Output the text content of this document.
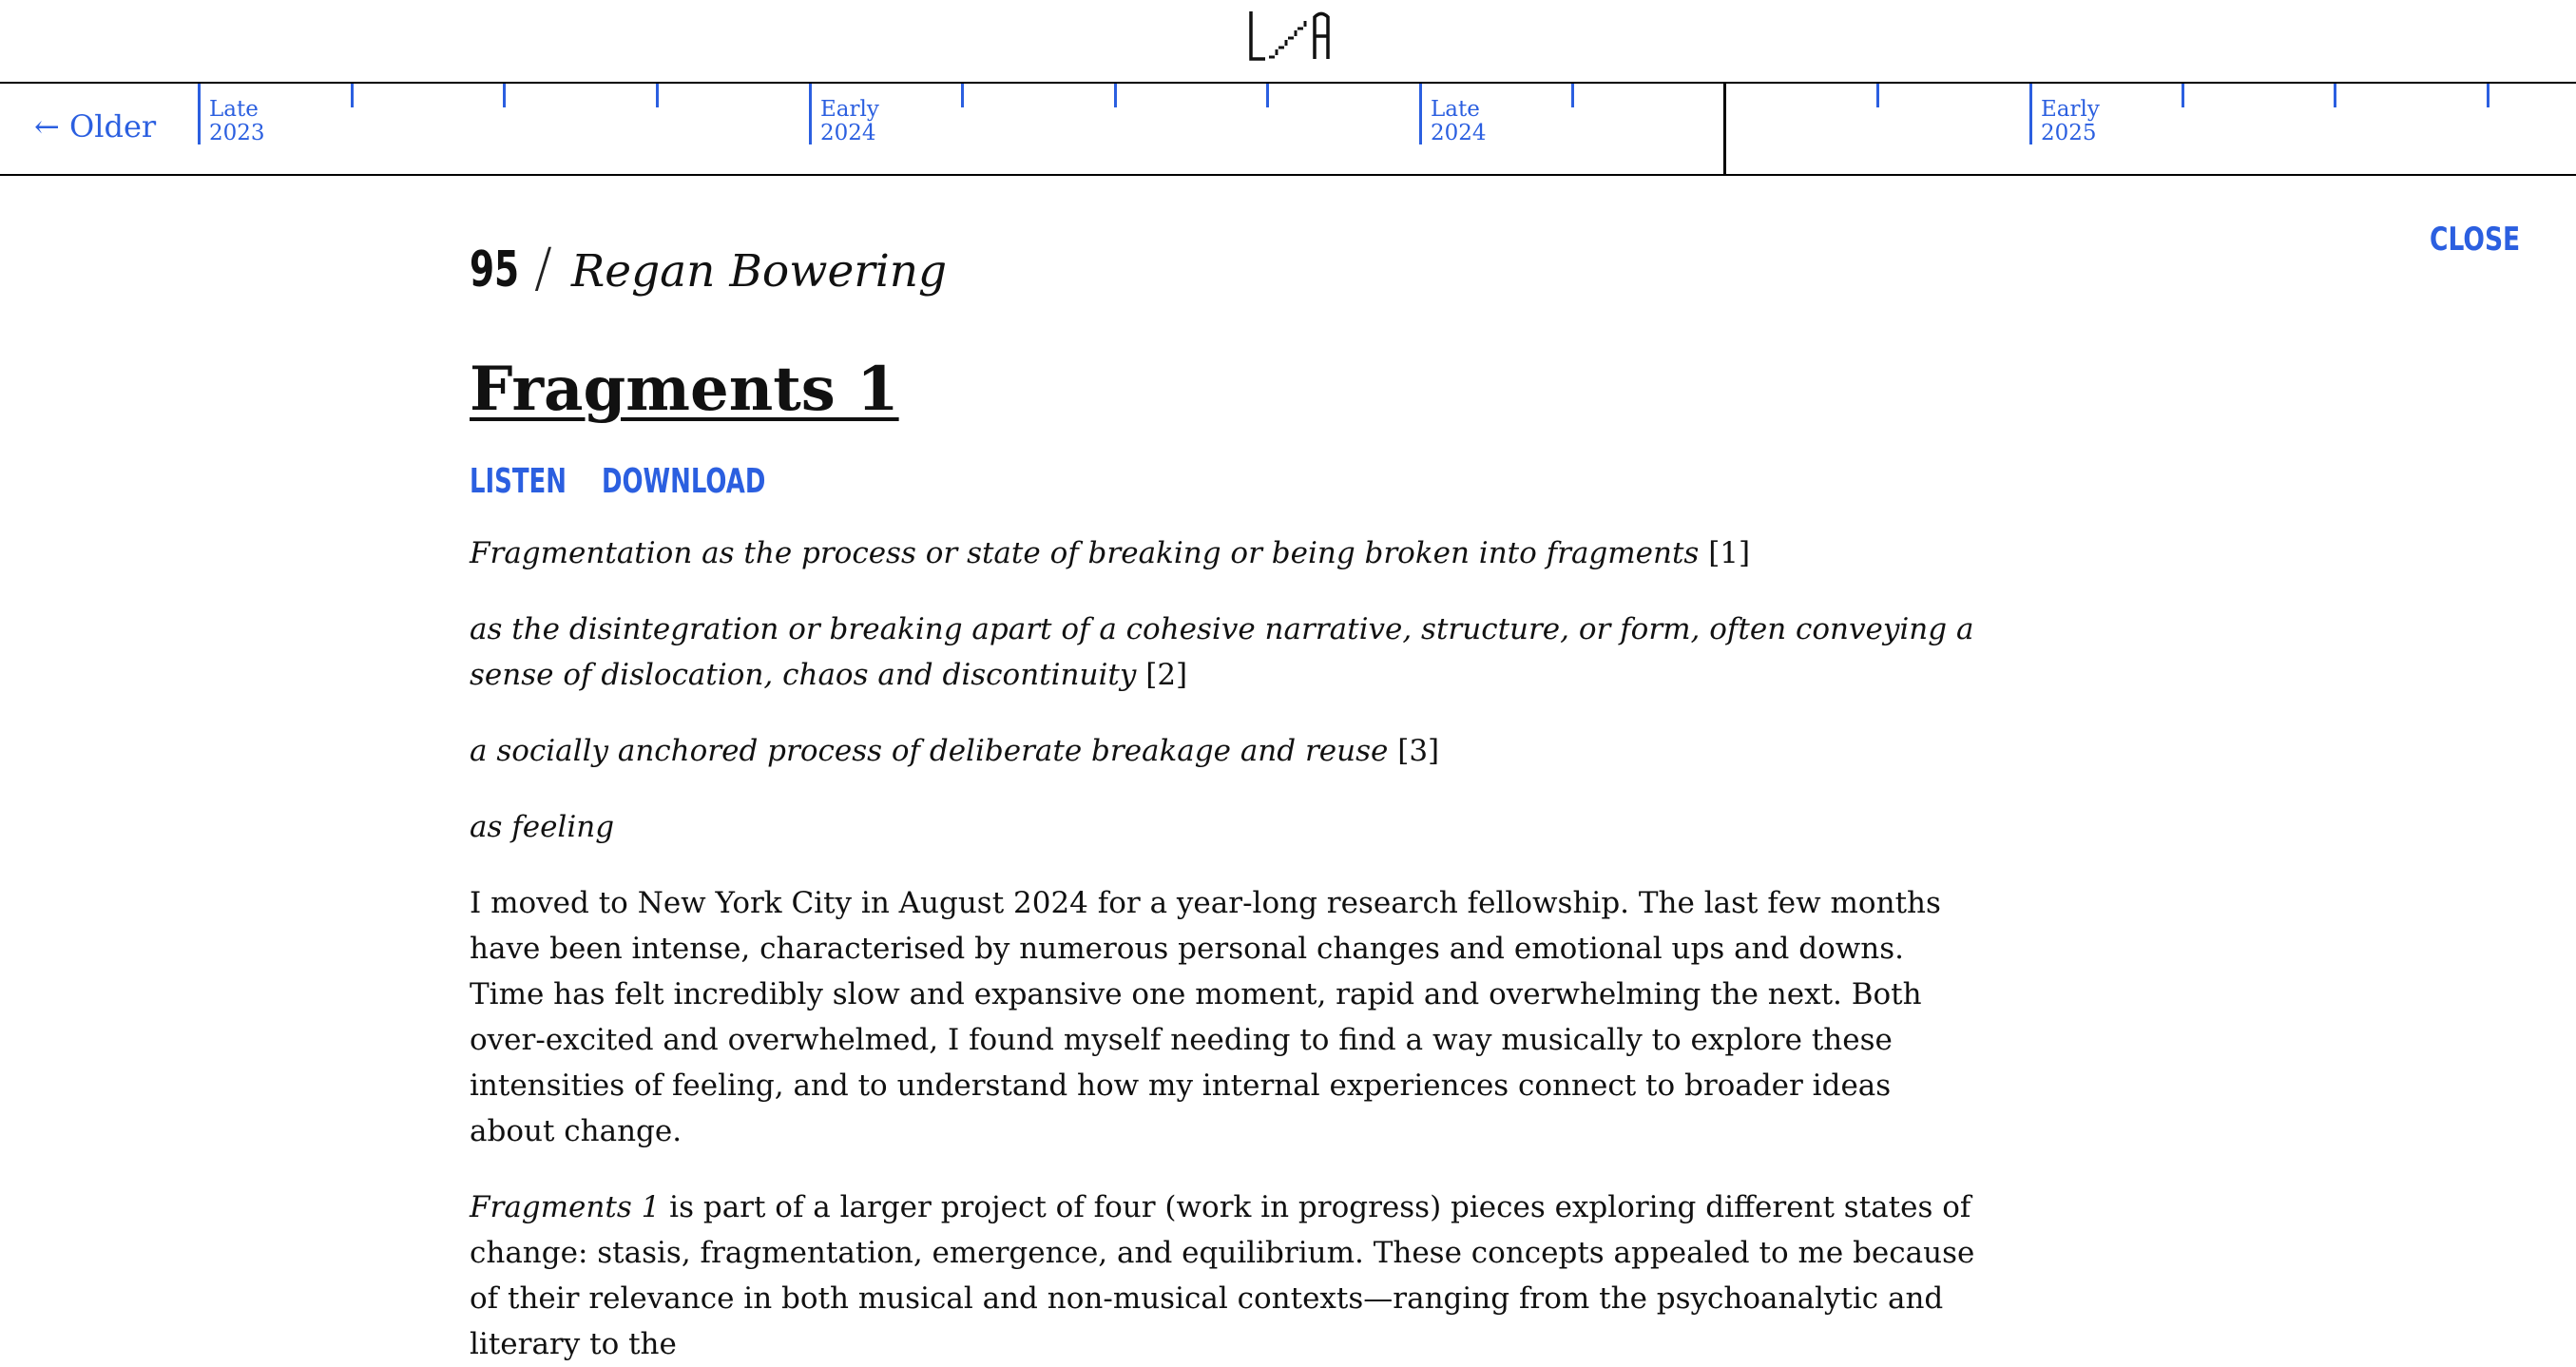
← Older Late
2023
Early
2024
Late
2024
Early
2025
CLOSE
95 / Regan Bowering
Fragments 1
LISTEN DOWNLOAD

Fragmentation as the process or state of breaking or being broken into fragments [1]

as the disintegration or breaking apart of a cohesive narrative, structure, or form, often conveying a sense of dislocation, chaos and discontinuity [2]

a socially anchored process of deliberate breakage and reuse [3]

as feeling

I moved to New York City in August 2024 for a year-long research fellowship. The last few months have been intense, characterised by numerous personal changes and emotional ups and downs. Time has felt incredibly slow and expansive one moment, rapid and overwhelming the next. Both over-excited and overwhelmed, I found myself needing to find a way musically to explore these intensities of feeling, and to understand how my internal experiences connect to broader ideas about change.

Fragments 1 is part of a larger project of four (work in progress) pieces exploring different states of change: stasis, fragmentation, emergence, and equilibrium. These concepts appealed to me because of their relevance in both musical and non-musical contexts—ranging from the psychoanalytic and literary to the
